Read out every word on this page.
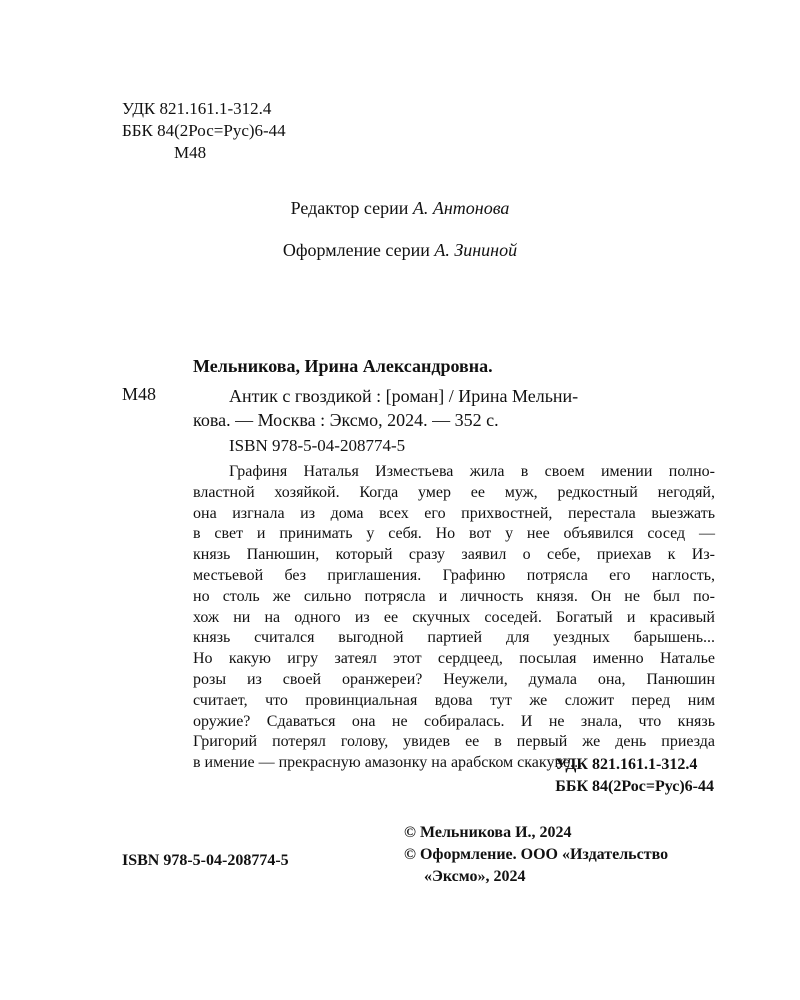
УДК 821.161.1-312.4
ББК 84(2Рос=Рус)6-44
М48
Редактор серии А. Антонова
Оформление серии А. Зининой
Мельникова, Ирина Александровна.
М48	Антик с гвоздикой : [роман] / Ирина Мельни-
кова. — Москва : Эксмо, 2024. — 352 с.
ISBN 978-5-04-208774-5
Графиня Наталья Изместьева жила в своем имении полно-
властной хозяйкой. Когда умер ее муж, редкостный негодяй,
она изгнала из дома всех его прихвостней, перестала выезжать
в свет и принимать у себя. Но вот у нее объявился сосед —
князь Панюшин, который сразу заявил о себе, приехав к Из-
местьевой без приглашения. Графиню потрясла его наглость,
но столь же сильно потрясла и личность князя. Он не был по-
хож ни на одного из ее скучных соседей. Богатый и красивый
князь считался выгодной партией для уездных барышень...
Но какую игру затеял этот сердцеед, посылая именно Наталье
розы из своей оранжереи? Неужели, думала она, Панюшин
считает, что провинциальная вдова тут же сложит перед ним
оружие? Сдаваться она не собиралась. И не знала, что князь
Григорий потерял голову, увидев ее в первый же день приезда
в имение — прекрасную амазонку на арабском скакуне...
УДК 821.161.1-312.4
ББК 84(2Рос=Рус)6-44
© Мельникова И., 2024
© Оформление. ООО «Издательство
«Эксмо», 2024
ISBN 978-5-04-208774-5
